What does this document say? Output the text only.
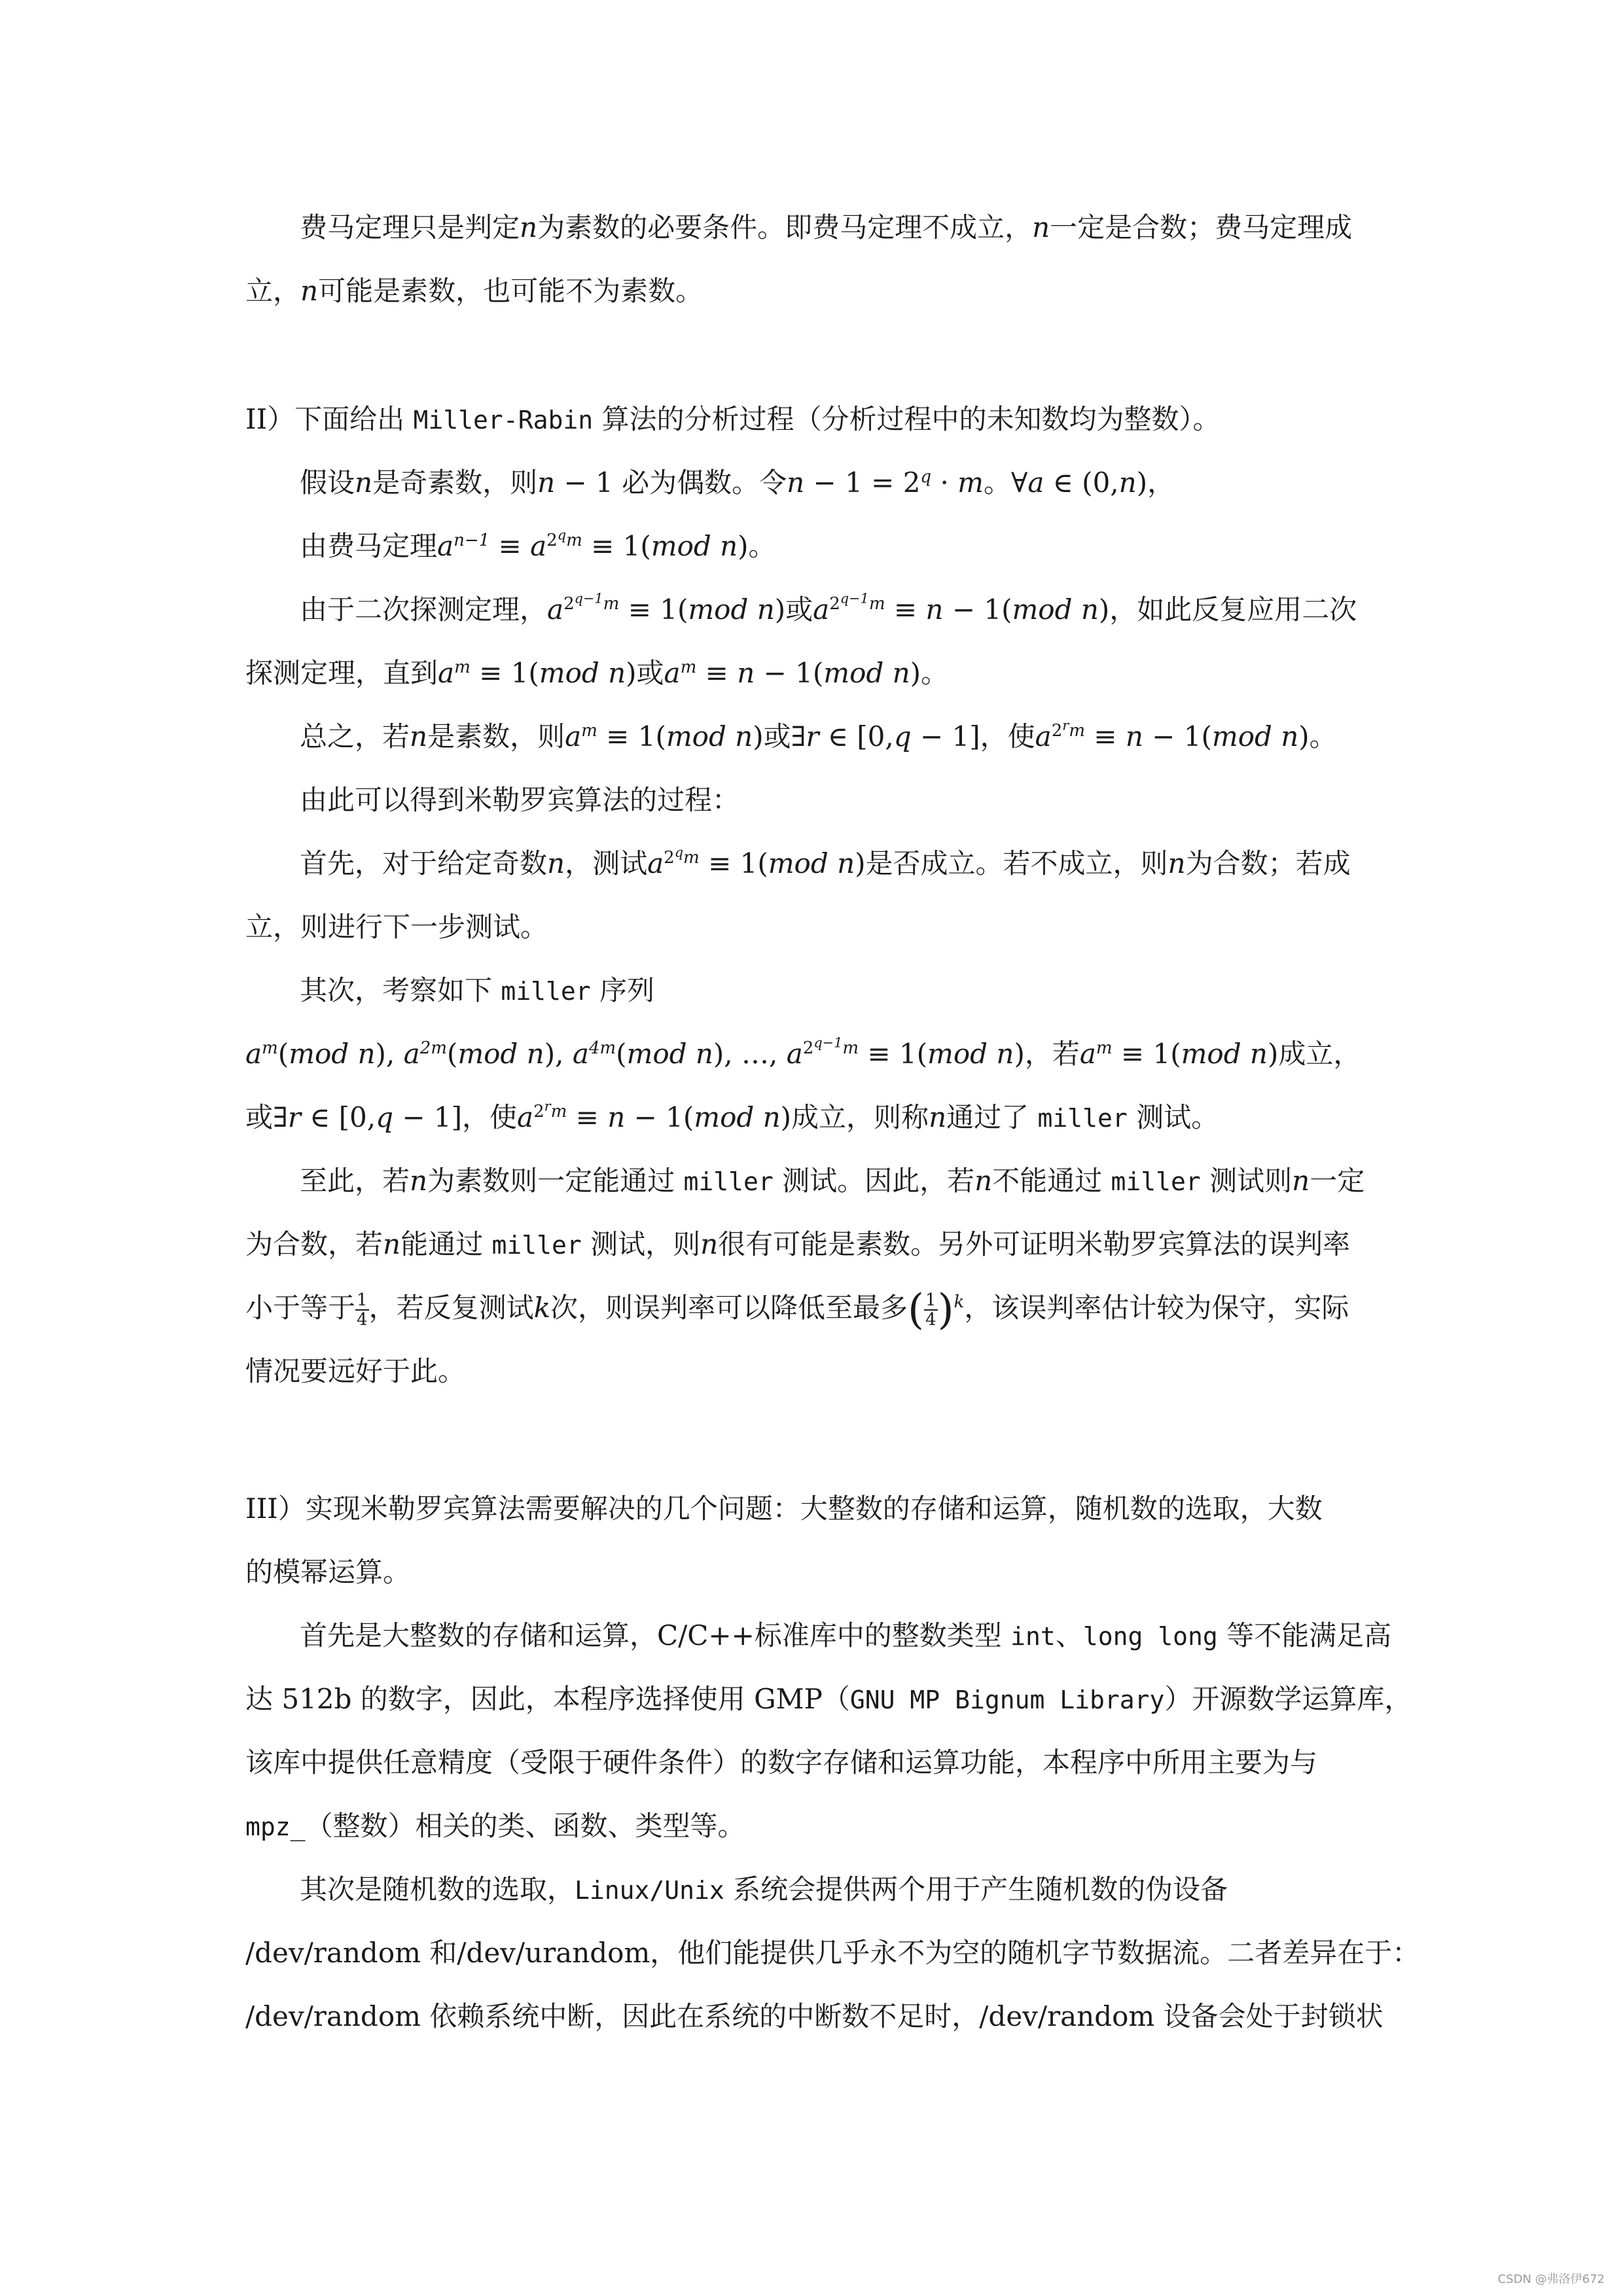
费马定理只是判定n为素数的必要条件。即费马定理不成立，n一定是合数；费马定理成
立，n可能是素数，也可能不为素数。
II）下面给出 Miller-Rabin 算法的分析过程（分析过程中的未知数均为整数）。
假设n是奇素数，则n − 1 必为偶数。令$n - 1 = 2^q \cdot m$。∀a ∈ (0,n)，
由费马定理$a^{n-1} \equiv a^{2^qm} \equiv 1(mod$ n)。
由于二次探测定理，$a^{2^{q-1}m} \equiv 1(mod$ n)或$a^{2^{q-1}m} \equiv n - 1(mod$ n)，如此反复应用二次
探测定理，直到$a^m \equiv 1(mod$ n)或$a^m \equiv n - 1(mod$ n)。
总之，若n是素数，则$a^m \equiv 1(mod$ n)或∃r ∈ [0,q − 1]，使$a^{2^rm} \equiv n - 1(mod$ n)。
由此可以得到米勒罗宾算法的过程：
首先，对于给定奇数n，测试$a^{2^qm} \equiv 1(mod$ n)是否成立。若不成立，则n为合数；若成
立，则进行下一步测试。
其次，考察如下 miller 序列
$a^m(mod$ n), $a^{2m}(mod$ n), $a^{4m}(mod$ n), …, $a^{2^{q-1}m} \equiv 1(mod$ n)，若$a^m \equiv 1(mod$ n)成立，
或∃r ∈ [0,q − 1]，使$a^{2^rm} \equiv n - 1(mod$ n)成立，则称n通过了 miller 测试。
至此，若n为素数则一定能通过 miller 测试。因此，若n不能通过 miller 测试则n一定
为合数，若n能通过 miller 测试，则n很有可能是素数。另外可证明米勒罗宾算法的误判率
小于等于 $\frac{1}{4}$ ，若反复测试k次，则误判率可以降低至最多( $\frac{1}{4} )^k$，该误判率估计较为保守，实际
情况要远好于此。
III）实现米勒罗宾算法需要解决的几个问题：大整数的存储和运算，随机数的选取，大数
的模幂运算。
首先是大整数的存储和运算，C/C++标准库中的整数类型 int、long long 等不能满足高
达 512b 的数字，因此，本程序选择使用 GMP（GNU MP Bignum Library）开源数学运算库，
该库中提供任意精度（受限于硬件条件）的数字存储和运算功能，本程序中所用主要为与
mpz_（整数）相关的类、函数、类型等。
其次是随机数的选取，Linux/Unix 系统会提供两个用于产生随机数的伪设备
/dev/random 和/dev/urandom，他们能提供几乎永不为空的随机字节数据流。二者差异在于：
/dev/random 依赖系统中断，因此在系统的中断数不足时，/dev/random 设备会处于封锁状
CSDN @弗洛伊672
